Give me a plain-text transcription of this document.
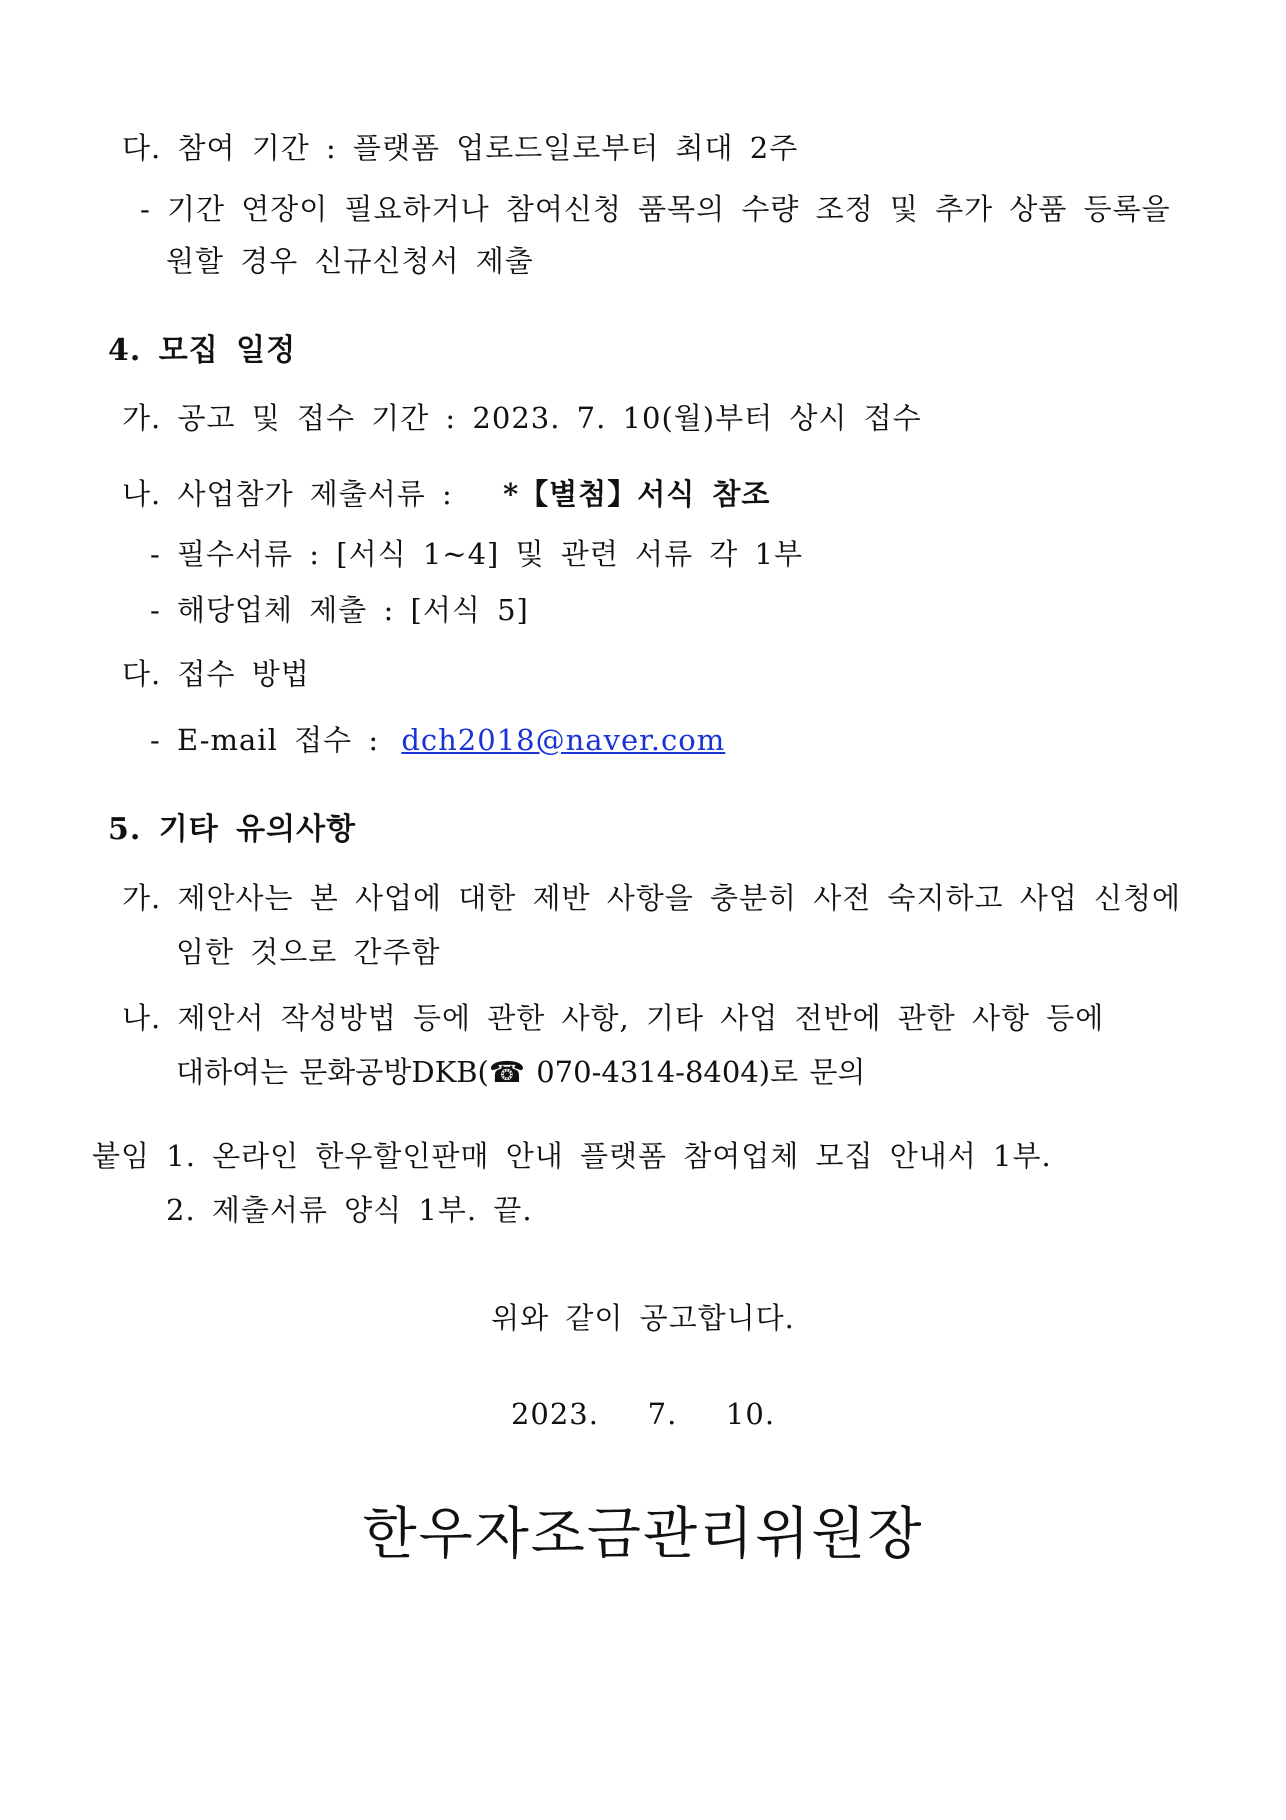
다. 참여 기간 : 플랫폼 업로드일로부터 최대 2주
- 기간 연장이 필요하거나 참여신청 품목의 수량 조정 및 추가 상품 등록을
원할 경우 신규신청서 제출
4. 모집 일정
가. 공고 및 접수 기간 : 2023. 7. 10(월)부터 상시 접수
나. 사업참가 제출서류 : *【별첨】서식 참조
- 필수서류 : [서식 1~4] 및 관련 서류 각 1부
- 해당업체 제출 : [서식 5]
다. 접수 방법
- E-mail 접수 : dch2018@naver.com
5. 기타 유의사항
가. 제안사는 본 사업에 대한 제반 사항을 충분히 사전 숙지하고 사업 신청에
임한 것으로 간주함
나. 제안서 작성방법 등에 관한 사항, 기타 사업 전반에 관한 사항 등에
대하여는 문화공방DKB(☎ 070-4314-8404)로 문의
붙임 1. 온라인 한우할인판매 안내 플랫폼 참여업체 모집 안내서 1부.
2. 제출서류 양식 1부. 끝.
위와 같이 공고합니다.
2023.   7.   10.
한우자조금관리위원장
